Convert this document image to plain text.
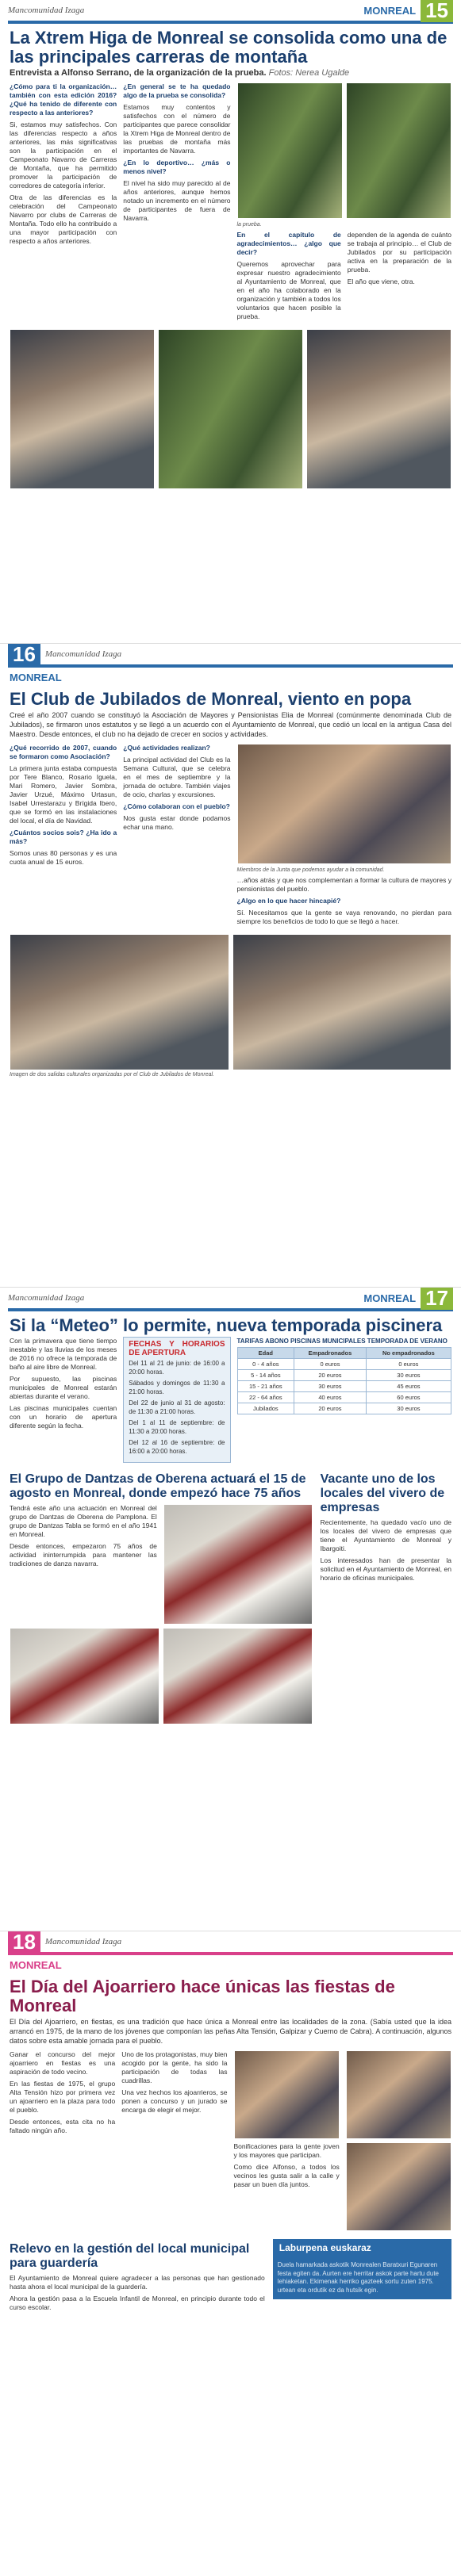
Mancomunidad Izaga	MONREAL 15
La Xtrem Higa de Monreal se consolida como una de las principales carreras de montaña
Entrevista a Alfonso Serrano, de la organización de la prueba. Fotos: Nerea Ugalde

¿Cómo para ti la organización… también con esta edición 2016? ¿Qué ha tenido de diferente con respecto a las anteriores?

Si, estamos muy satisfechos. Con las diferencias respecto a años anteriores, las más significativas son la participación en el Campeonato Navarro de Carreras de Montaña, que ha permitido promover la participación de corredores de categoría inferior.

Otra de las diferencias es la celebración del Campeonato Navarro por clubs de Carreras de Montaña. Todo ello ha contribuido a una mayor participación con respecto a años anteriores.

¿En general se te ha quedado algo de la prueba se consolida?

Estamos muy contentos y satisfechos con el número de participantes que parece consolidar la Xtrem Higa de Monreal dentro de las pruebas de montaña más importantes de Navarra.

¿En lo deportivo… ¿más o menos nivel?

El nivel ha sido muy parecido al de años anteriores, aunque hemos notado un incremento en el número de participantes de fuera de Navarra.

la prueba.

En el capítulo de agradecimientos… ¿algo que decir?

Queremos aprovechar para expresar nuestro agradecimiento al Ayuntamiento de Monreal, que en el año ha colaborado en la organización y también a todos los voluntarios que hacen posible la prueba.

dependen de la agenda de cuánto se trabaja al principio… el Club de Jubilados por su participación activa en la preparación de la prueba.

El año que viene, otra.

16	Mancomunidad Izaga
MONREAL
El Club de Jubilados de Monreal, viento en popa
Creé el año 2007 cuando se constituyó la Asociación de Mayores y Pensionistas Elia de Monreal (comúnmente denominada Club de Jubilados), se firmaron unos estatutos y se llegó a un acuerdo con el Ayuntamiento de Monreal, que cedió un local en la antigua Casa del Maestro. Desde entonces, el club no ha dejado de crecer en socios y actividades.

¿Qué recorrido de 2007, cuando se formaron como Asociación?

La primera junta estaba compuesta por Tere Blanco, Rosario Iguela, Mari Romero, Javier Sombra, Javier Urzué, Máximo Urtasun, Isabel Urrestarazu y Brígida Ibero, que se formó en las instalaciones del local, el día de Navidad.

¿Cuántos socios sois? ¿Ha ido a más?

Somos unas 80 personas y es una cuota anual de 15 euros.

¿Qué actividades realizan?

La principal actividad del Club es la Semana Cultural, que se celebra en el mes de septiembre y la jornada de octubre. También viajes de ocio, charlas y excursiones.

¿Cómo colaboran con el pueblo?

Nos gusta estar donde podamos echar una mano.

Miembros de la Junta que podemos ayudar a la comunidad.

…años atrás y que nos complementan a formar la cultura de mayores y pensionistas del pueblo.

¿Algo en lo que hacer hincapié?

Sí. Necesitamos que la gente se vaya renovando, no pierdan para siempre los beneficios de todo lo que se llegó a hacer.

Imagen de dos salidas culturales organizadas por el Club de Jubilados de Monreal.
Mancomunidad Izaga	MONREAL 17
Si la “Meteo” lo permite, nueva temporada piscinera

Con la primavera que tiene tiempo inestable y las lluvias de los meses de 2016 no ofrece la temporada de baño al aire libre de Monreal.

Por supuesto, las piscinas municipales de Monreal estarán abiertas durante el verano.

Las piscinas municipales cuentan con un horario de apertura diferente según la fecha.

FECHAS Y HORARIOS DE APERTURA

Del 11 al 21 de junio: de 16:00 a 20:00 horas.

Sábados y domingos de 11:30 a 21:00 horas.

Del 22 de junio al 31 de agosto: de 11:30 a 21:00 horas.

Del 1 al 11 de septiembre: de 11:30 a 20:00 horas.

Del 12 al 16 de septiembre: de 16:00 a 20:00 horas.

TARIFAS ABONO PISCINAS MUNICIPALES TEMPORADA DE VERANO
Edad	Empadronados	No empadronados
0 - 4 años	0 euros	0 euros
5 - 14 años	20 euros	30 euros
15 - 21 años	30 euros	45 euros
22 - 64 años	40 euros	60 euros
Jubilados	20 euros	30 euros
El Grupo de Dantzas de Oberena actuará el 15 de agosto en Monreal, donde empezó hace 75 años

Tendrá este año una actuación en Monreal del grupo de Dantzas de Oberena de Pamplona. El grupo de Dantzas Tabla se formó en el año 1941 en Monreal.

Desde entonces, empezaron 75 años de actividad ininterrumpida para mantener las tradiciones de danza navarra.

Vacante uno de los locales del vivero de empresas

Recientemente, ha quedado vacío uno de los locales del vivero de empresas que tiene el Ayuntamiento de Monreal y Ibargoiti.

Los interesados han de presentar la solicitud en el Ayuntamiento de Monreal, en horario de oficinas municipales.

18	Mancomunidad Izaga
MONREAL
El Día del Ajoarriero hace únicas las fiestas de Monreal
El Día del Ajoarriero, en fiestas, es una tradición que hace única a Monreal entre las localidades de la zona. (Sabía usted que la idea arrancó en 1975, de la mano de los jóvenes que componían las peñas Alta Tensión, Galpizar y Cuerno de Cabra). A continuación, algunos datos sobre esta amable jornada para el pueblo.

Ganar el concurso del mejor ajoarriero en fiestas es una aspiración de todo vecino.

En las fiestas de 1975, el grupo Alta Tensión hizo por primera vez un ajoarriero en la plaza para todo el pueblo.

Desde entonces, esta cita no ha faltado ningún año.

Uno de los protagonistas, muy bien acogido por la gente, ha sido la participación de todas las cuadrillas.

Una vez hechos los ajoarrieros, se ponen a concurso y un jurado se encarga de elegir el mejor.

Bonificaciones para la gente joven y los mayores que participan.

Como dice Alfonso, a todos los vecinos les gusta salir a la calle y pasar un buen día juntos.

Relevo en la gestión del local municipal para guardería

El Ayuntamiento de Monreal quiere agradecer a las personas que han gestionado hasta ahora el local municipal de la guardería.

Ahora la gestión pasa a la Escuela Infantil de Monreal, en principio durante todo el curso escolar.

Laburpena euskaraz
Duela hamarkada askotik Monrealen Baratxuri Egunaren festa egiten da. Aurten ere herritar askok parte hartu dute lehiaketan. Ekimenak herriko gazteek sortu zuten 1975. urtean eta ordutik ez da hutsik egin.
